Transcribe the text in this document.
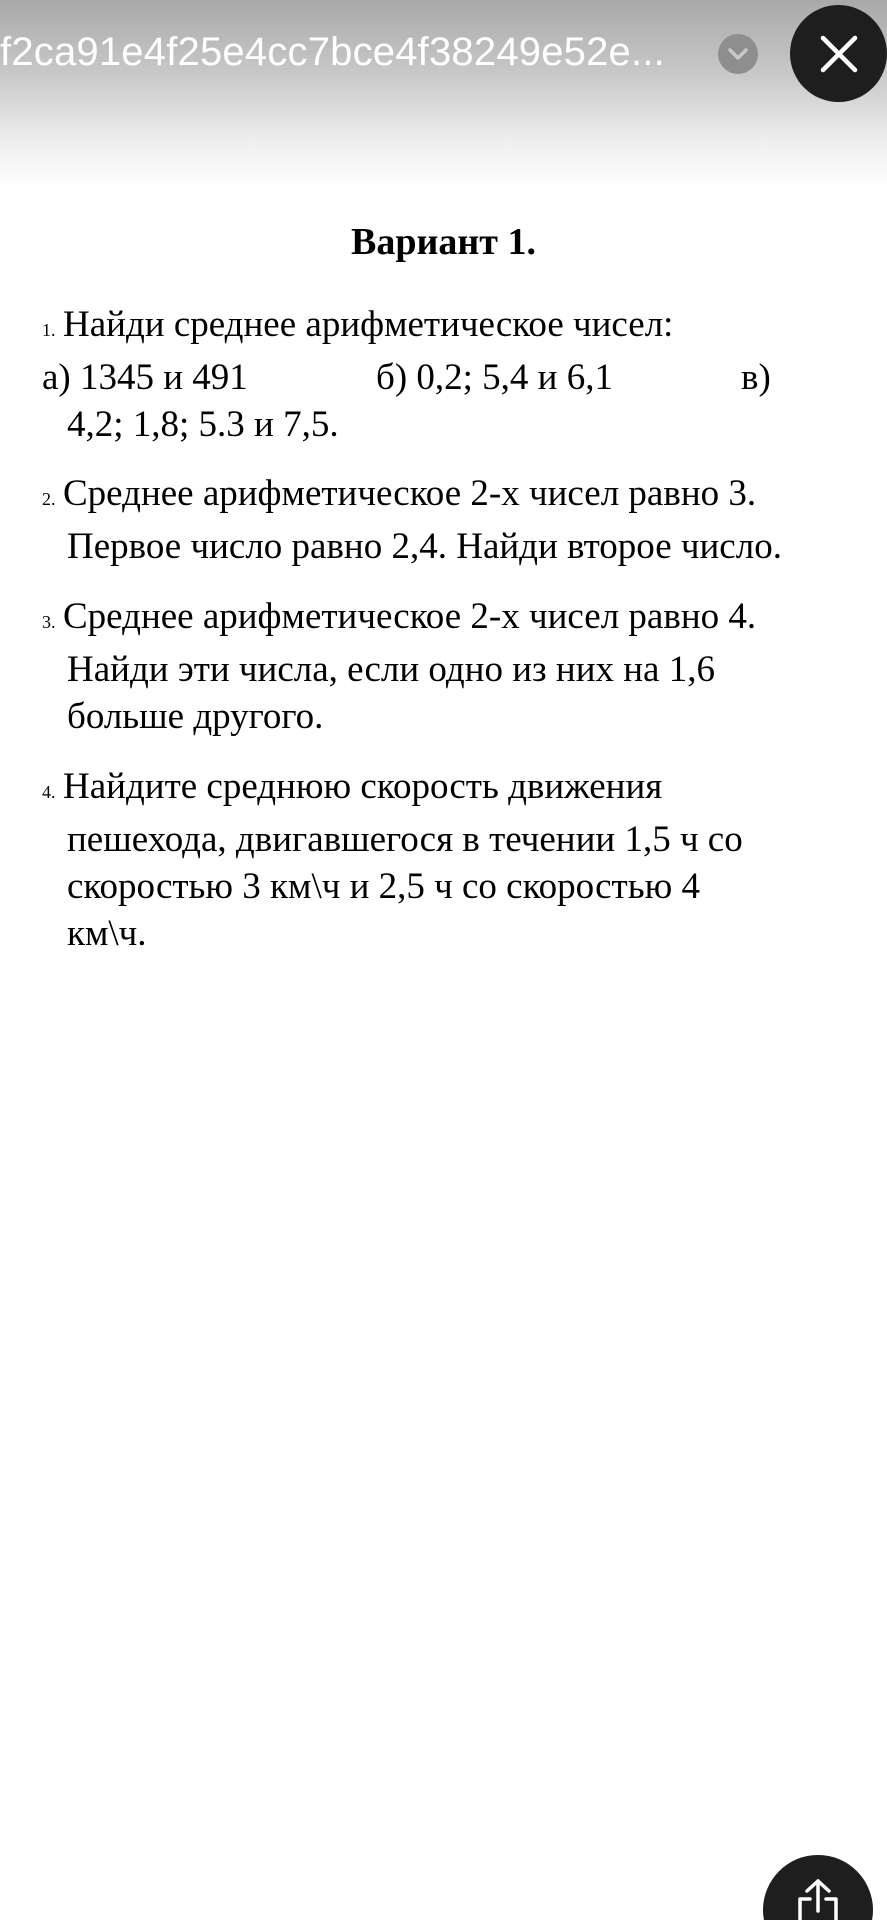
f2ca91e4f25e4cc7bce4f38249e52e...
Вариант 1.
1. Найди среднее арифметическое чисел:
а) 1345 и 491	б) 0,2; 5,4 и 6,1	в)
4,2; 1,8; 5.3 и 7,5.
2. Среднее арифметическое 2-х чисел равно 3.
Первое число равно 2,4. Найди второе число.
3. Среднее арифметическое 2-х чисел равно 4.
Найди эти числа, если одно из них на 1,6
больше другого.
4. Найдите среднюю скорость движения
пешехода, двигавшегося в течении 1,5 ч со
скоростью 3 км\ч и 2,5 ч со скоростью 4
км\ч.
